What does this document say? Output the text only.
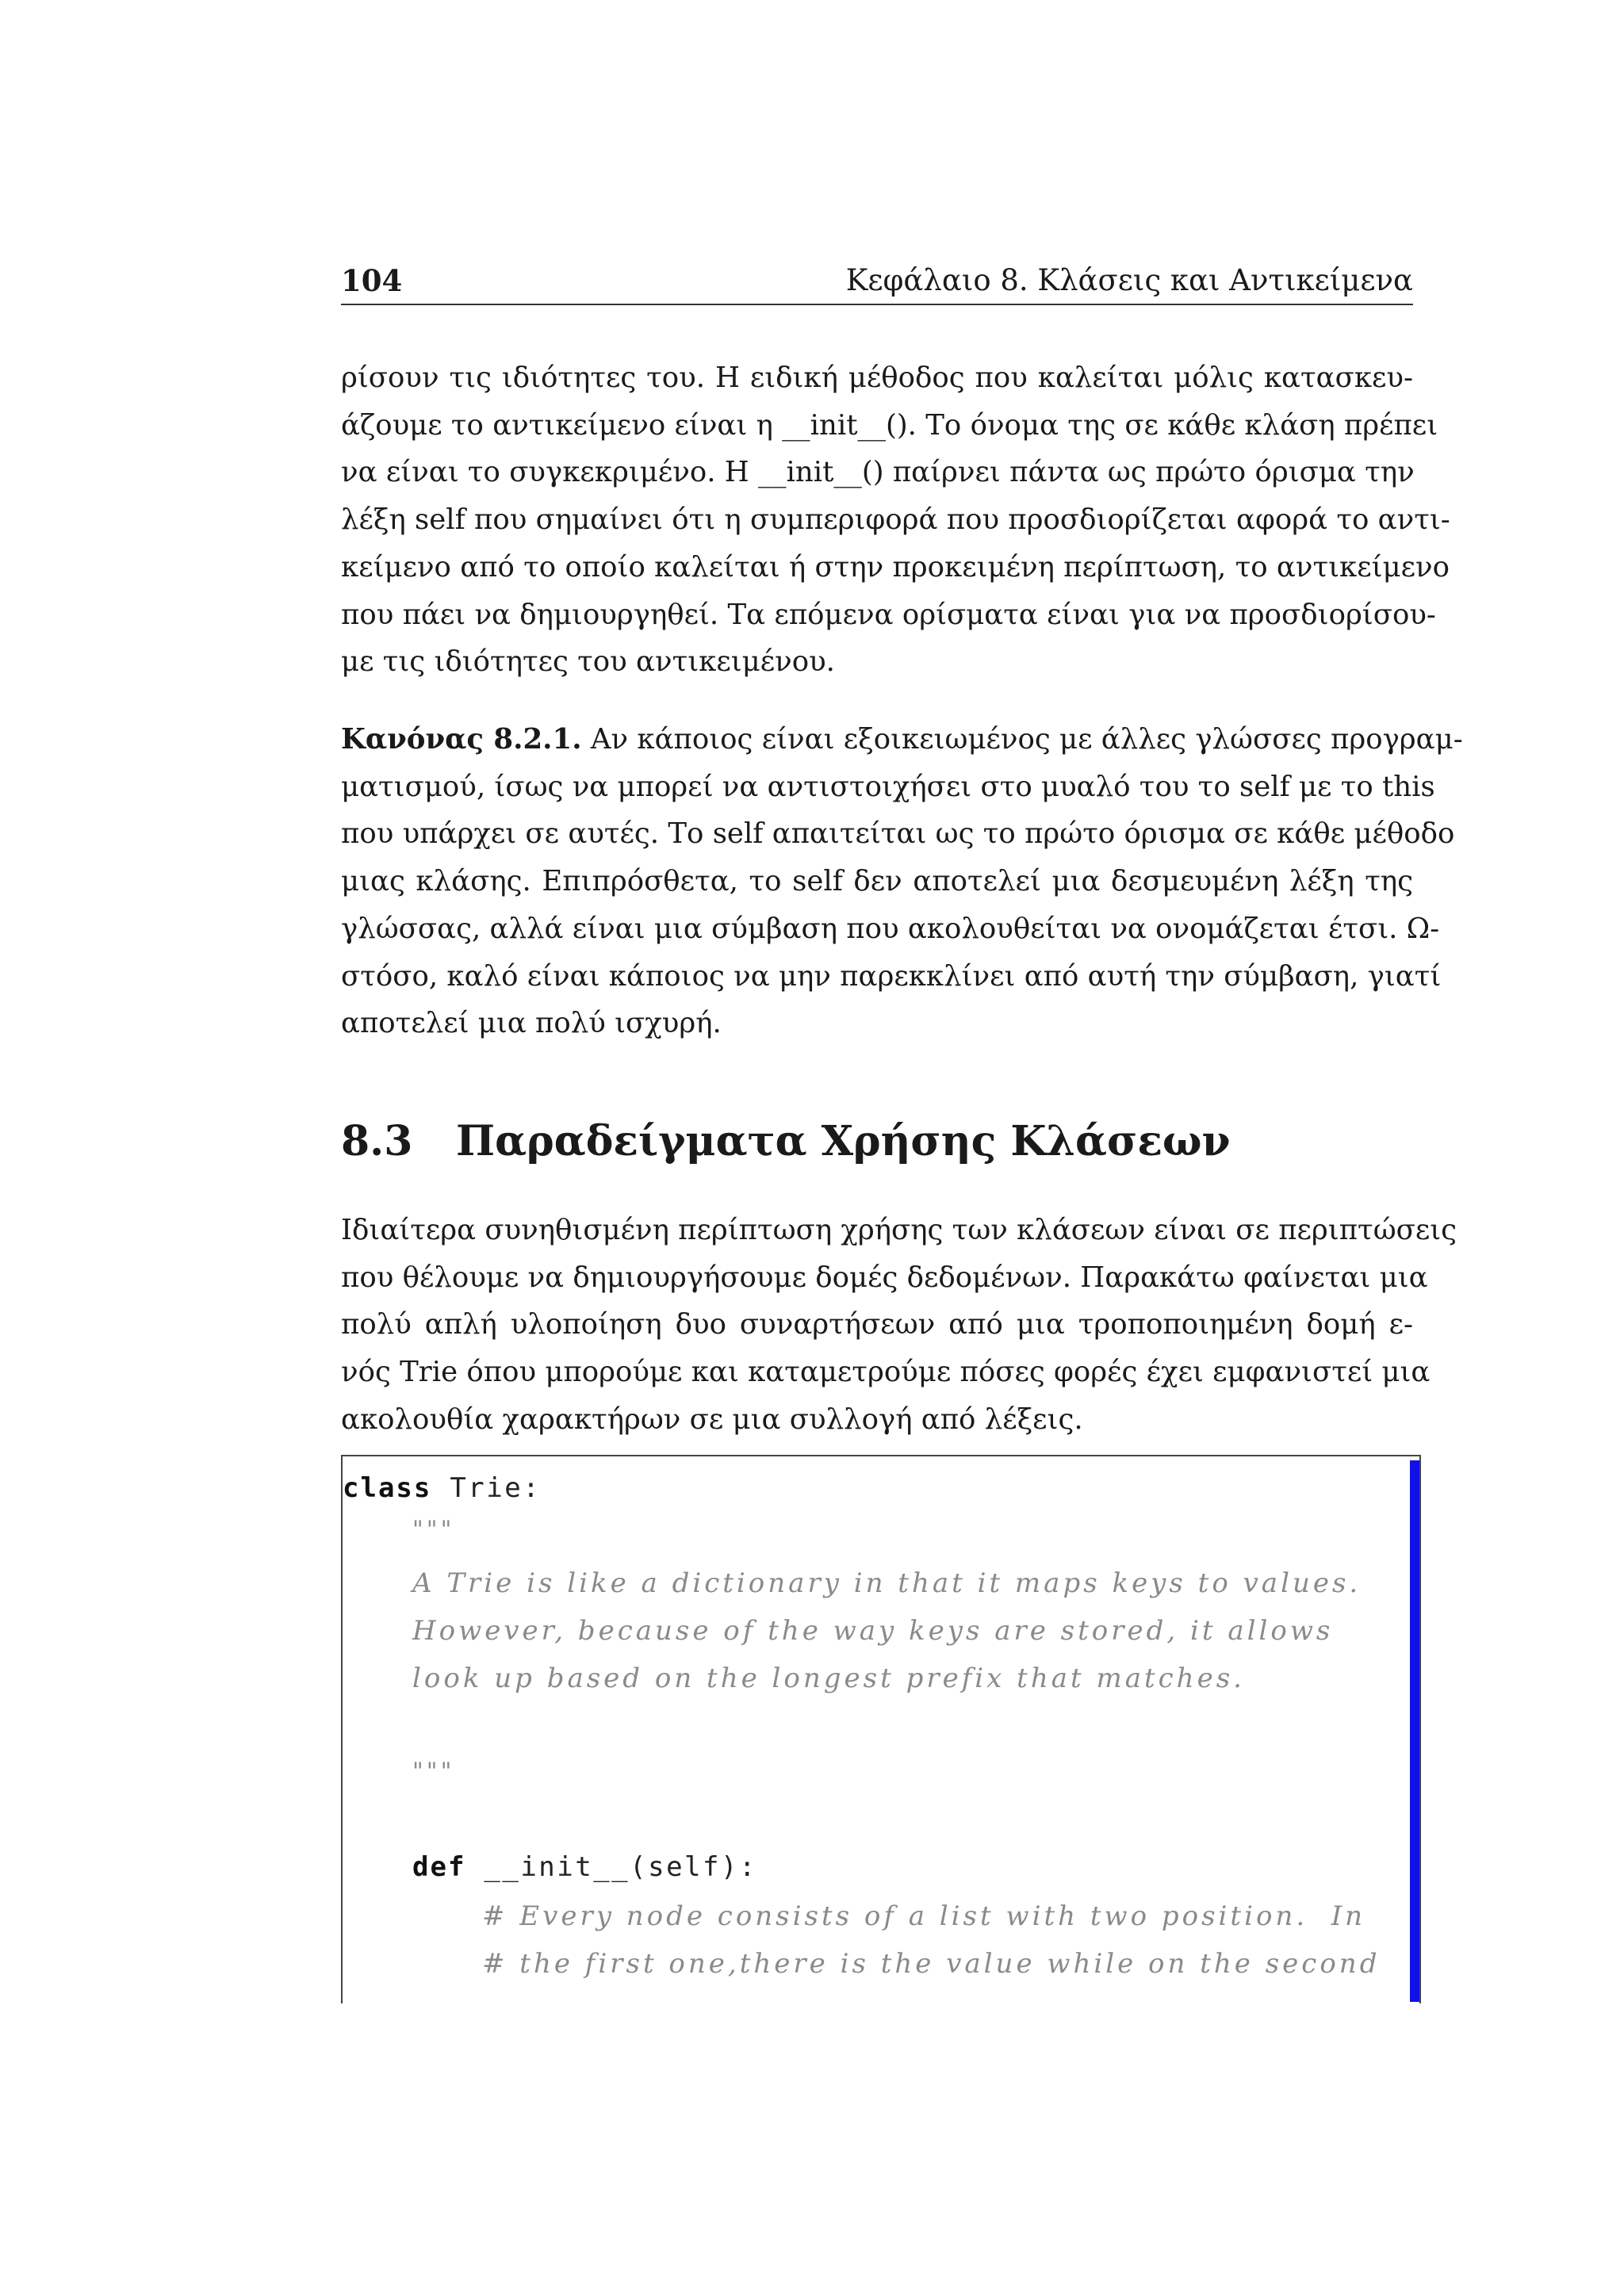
104	Κεφάλαιο 8. Κλάσεις και Αντικείμενα
ρίσουν τις ιδιότητες του. Η ειδική μέθοδος που καλείται μόλις κατασκευ-
άζουμε το αντικείμενο είναι η __init__(). Το όνομα της σε κάθε κλάση πρέπει
να είναι το συγκεκριμένο. Η __init__() παίρνει πάντα ως πρώτο όρισμα την
λέξη self που σημαίνει ότι η συμπεριφορά που προσδιορίζεται αφορά το αντι-
κείμενο από το οποίο καλείται ή στην προκειμένη περίπτωση, το αντικείμενο
που πάει να δημιουργηθεί. Τα επόμενα ορίσματα είναι για να προσδιορίσου-
με τις ιδιότητες του αντικειμένου.
Κανόνας 8.2.1. Αν κάποιος είναι εξοικειωμένος με άλλες γλώσσες προγραμ-
ματισμού, ίσως να μπορεί να αντιστοιχήσει στο μυαλό του το self με το this
που υπάρχει σε αυτές. Το self απαιτείται ως το πρώτο όρισμα σε κάθε μέθοδο
μιας κλάσης. Επιπρόσθετα, το self δεν αποτελεί μια δεσμευμένη λέξη της
γλώσσας, αλλά είναι μια σύμβαση που ακολουθείται να ονομάζεται έτσι. Ω-
στόσο, καλό είναι κάποιος να μην παρεκκλίνει από αυτή την σύμβαση, γιατί
αποτελεί μια πολύ ισχυρή.
8.3 Παραδείγματα Χρήσης Κλάσεων
Ιδιαίτερα συνηθισμένη περίπτωση χρήσης των κλάσεων είναι σε περιπτώσεις
που θέλουμε να δημιουργήσουμε δομές δεδομένων. Παρακάτω φαίνεται μια
πολύ απλή υλοποίηση δυο συναρτήσεων από μια τροποποιημένη δομή ε-
νός Trie όπου μπορούμε και καταμετρούμε πόσες φορές έχει εμφανιστεί μια
ακολουθία χαρακτήρων σε μια συλλογή από λέξεις.
class Trie:
"""
A Trie is like a dictionary in that it maps keys to values.
However, because of the way keys are stored, it allows
look up based on the longest prefix that matches.
"""
def __init__(self):
# Every node consists of a list with two position.  In
# the first one,there is the value while on the second
